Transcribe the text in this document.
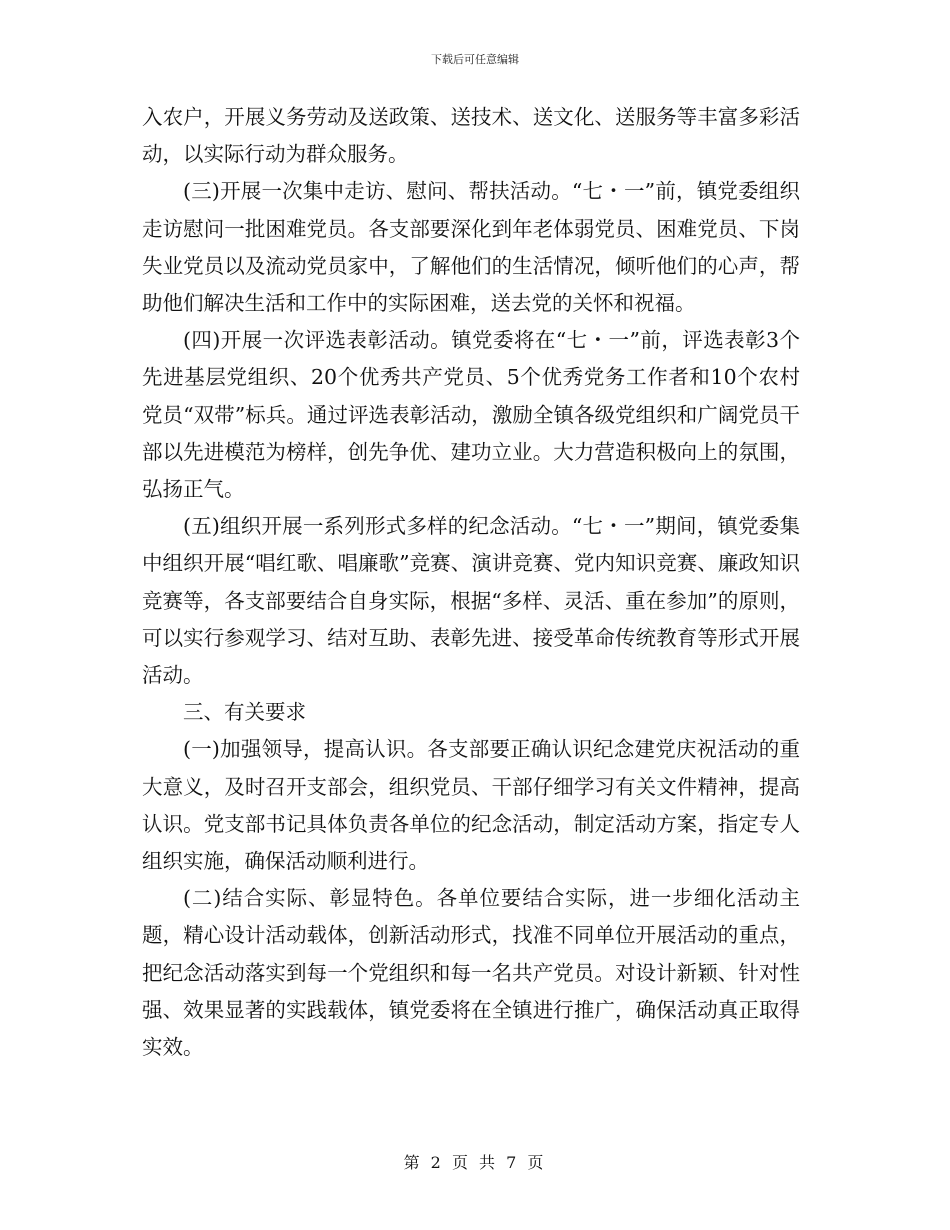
下载后可任意编辑

入农户，开展义务劳动及送政策、送技术、送文化、送服务等丰富多彩活动，以实际行动为群众服务。

(三)开展一次集中走访、慰问、帮扶活动。“七・一”前，镇党委组织走访慰问一批困难党员。各支部要深化到年老体弱党员、困难党员、下岗失业党员以及流动党员家中，了解他们的生活情况，倾听他们的心声，帮助他们解决生活和工作中的实际困难，送去党的关怀和祝福。

(四)开展一次评选表彰活动。镇党委将在“七・一”前，评选表彰3个先进基层党组织、20个优秀共产党员、5个优秀党务工作者和10个农村党员“双带”标兵。通过评选表彰活动，激励全镇各级党组织和广阔党员干部以先进模范为榜样，创先争优、建功立业。大力营造积极向上的氛围，弘扬正气。

(五)组织开展一系列形式多样的纪念活动。“七・一”期间，镇党委集中组织开展“唱红歌、唱廉歌”竞赛、演讲竞赛、党内知识竞赛、廉政知识竞赛等，各支部要结合自身实际，根据“多样、灵活、重在参加”的原则，可以实行参观学习、结对互助、表彰先进、接受革命传统教育等形式开展活动。

三、有关要求

(一)加强领导，提高认识。各支部要正确认识纪念建党庆祝活动的重大意义，及时召开支部会，组织党员、干部仔细学习有关文件精神，提高认识。党支部书记具体负责各单位的纪念活动，制定活动方案，指定专人组织实施，确保活动顺利进行。

(二)结合实际、彰显特色。各单位要结合实际，进一步细化活动主题，精心设计活动载体，创新活动形式，找准不同单位开展活动的重点，把纪念活动落实到每一个党组织和每一名共产党员。对设计新颖、针对性强、效果显著的实践载体，镇党委将在全镇进行推广，确保活动真正取得实效。

第 2 页 共 7 页
